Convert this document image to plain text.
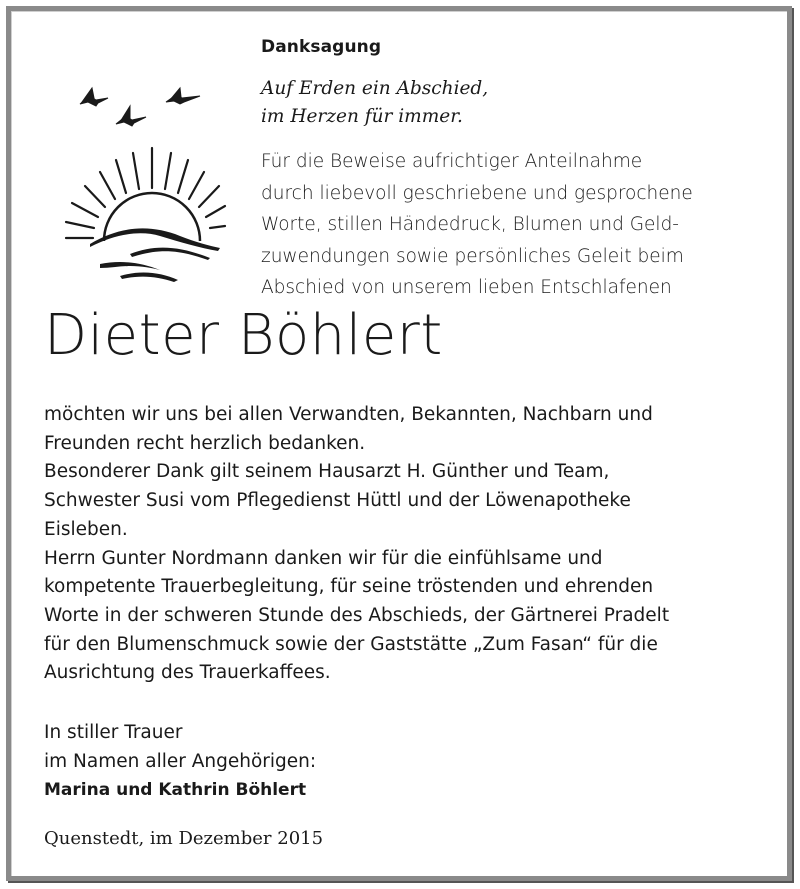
Danksagung
Auf Erden ein Abschied,
im Herzen für immer.
Für die Beweise aufrichtiger Anteilnahme
durch liebevoll geschriebene und gesprochene
Worte, stillen Händedruck, Blumen und Geld-
zuwendungen sowie persönliches Geleit beim
Abschied von unserem lieben Entschlafenen
Dieter Böhlert
möchten wir uns bei allen Verwandten, Bekannten, Nachbarn und
Freunden recht herzlich bedanken.
Besonderer Dank gilt seinem Hausarzt H. Günther und Team,
Schwester Susi vom Pflegedienst Hüttl und der Löwenapotheke
Eisleben.
Herrn Gunter Nordmann danken wir für die einfühlsame und
kompetente Trauerbegleitung, für seine tröstenden und ehrenden
Worte in der schweren Stunde des Abschieds, der Gärtnerei Pradelt
für den Blumenschmuck sowie der Gaststätte „Zum Fasan“ für die
Ausrichtung des Trauerkaffees.
In stiller Trauer
im Namen aller Angehörigen:
Marina und Kathrin Böhlert
Quenstedt, im Dezember 2015
